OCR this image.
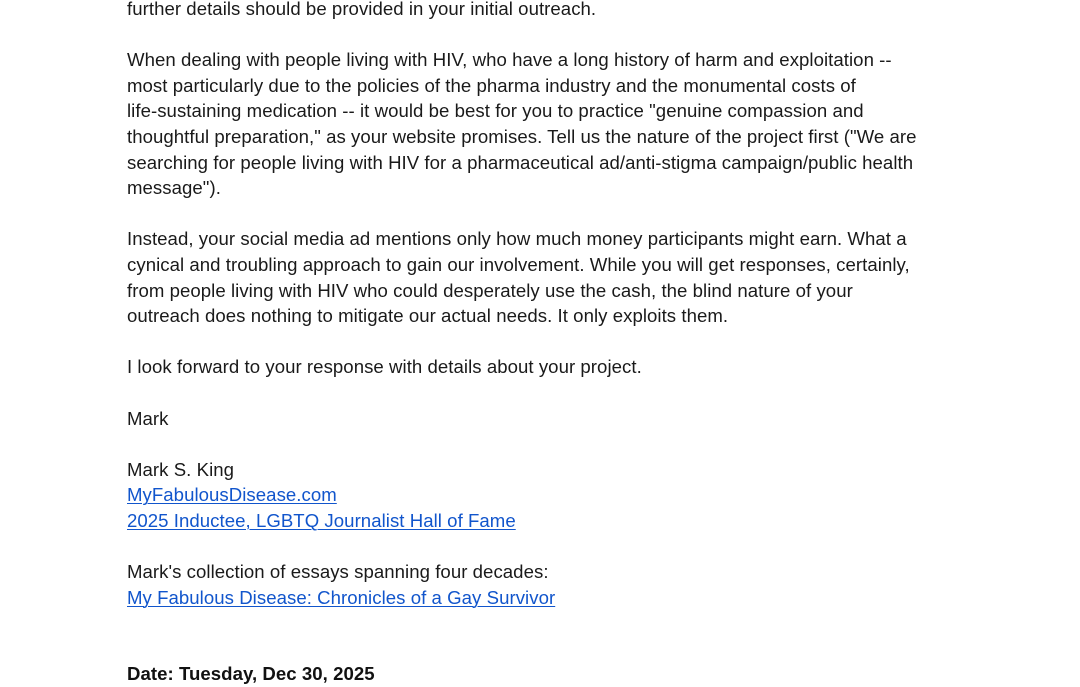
further details should be provided in your initial outreach.
When dealing with people living with HIV, who have a long history of harm and exploitation --
most particularly due to the policies of the pharma industry and the monumental costs of
life-sustaining medication -- it would be best for you to practice "genuine compassion and
thoughtful preparation," as your website promises. Tell us the nature of the project first ("We are
searching for people living with HIV for a pharmaceutical ad/anti-stigma campaign/public health
message").
Instead, your social media ad mentions only how much money participants might earn. What a
cynical and troubling approach to gain our involvement. While you will get responses, certainly,
from people living with HIV who could desperately use the cash, the blind nature of your
outreach does nothing to mitigate our actual needs. It only exploits them.
I look forward to your response with details about your project.
Mark
Mark S. King
MyFabulousDisease.com
2025 Inductee, LGBTQ Journalist Hall of Fame
Mark's collection of essays spanning four decades:
My Fabulous Disease: Chronicles of a Gay Survivor
Date: Tuesday, Dec 30, 2025
